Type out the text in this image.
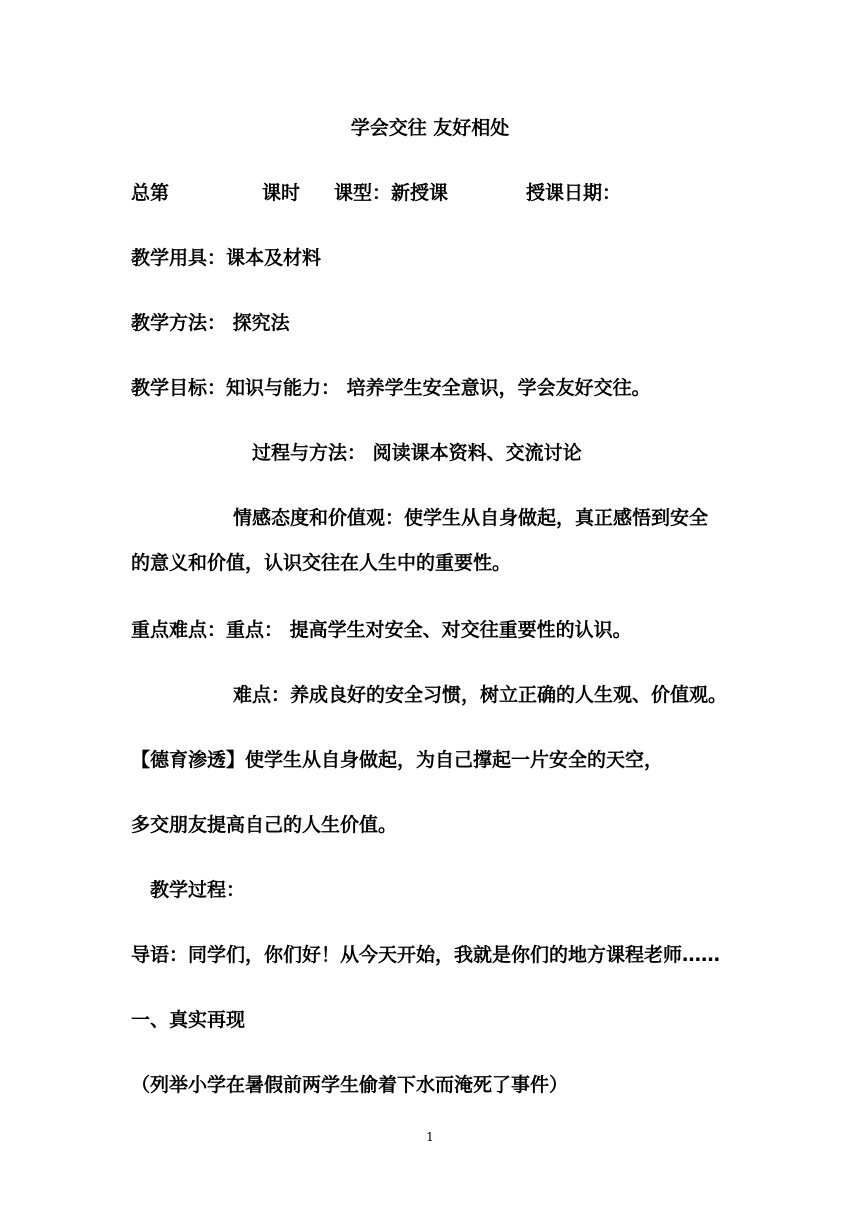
学会交往 友好相处
总第	课时 课型：新授课	授课日期：
教学用具：课本及材料
教学方法： 探究法
教学目标：知识与能力： 培养学生安全意识，学会友好交往。
过程与方法： 阅读课本资料、交流讨论
情感态度和价值观：使学生从自身做起，真正感悟到安全
的意义和价值，认识交往在人生中的重要性。
重点难点：重点： 提高学生对安全、对交往重要性的认识。
难点：养成良好的安全习惯，树立正确的人生观、价值观。
【德育渗透】使学生从自身做起，为自己撑起一片安全的天空，
多交朋友提高自己的人生价值。
教学过程：
导语：同学们，你们好！从今天开始，我就是你们的地方课程老师……
一、真实再现
（列举小学在暑假前两学生偷着下水而淹死了事件）
1
